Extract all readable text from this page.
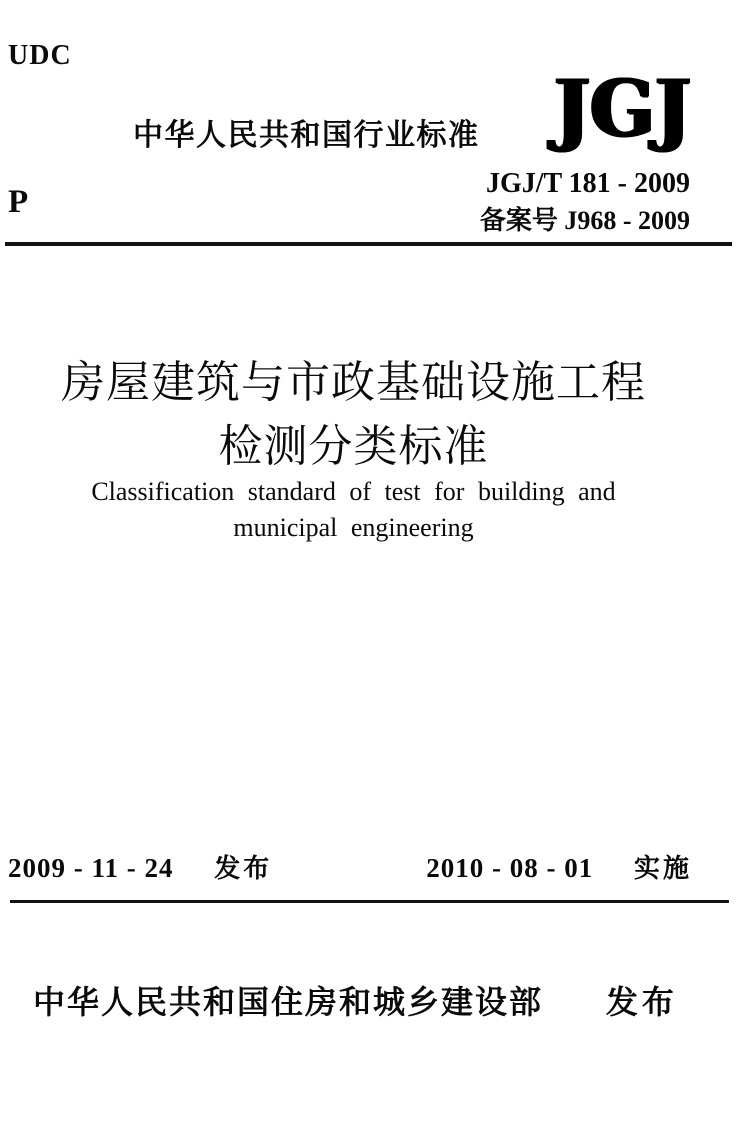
UDC
中华人民共和国行业标准 JGJ
JGJ/T 181 - 2009
备案号 J968 - 2009
P
房屋建筑与市政基础设施工程
检测分类标准
Classification standard of test for building and
municipal engineering
2009 - 11 - 24 发布	2010 - 08 - 01 实施
中华人民共和国住房和城乡建设部 发布
